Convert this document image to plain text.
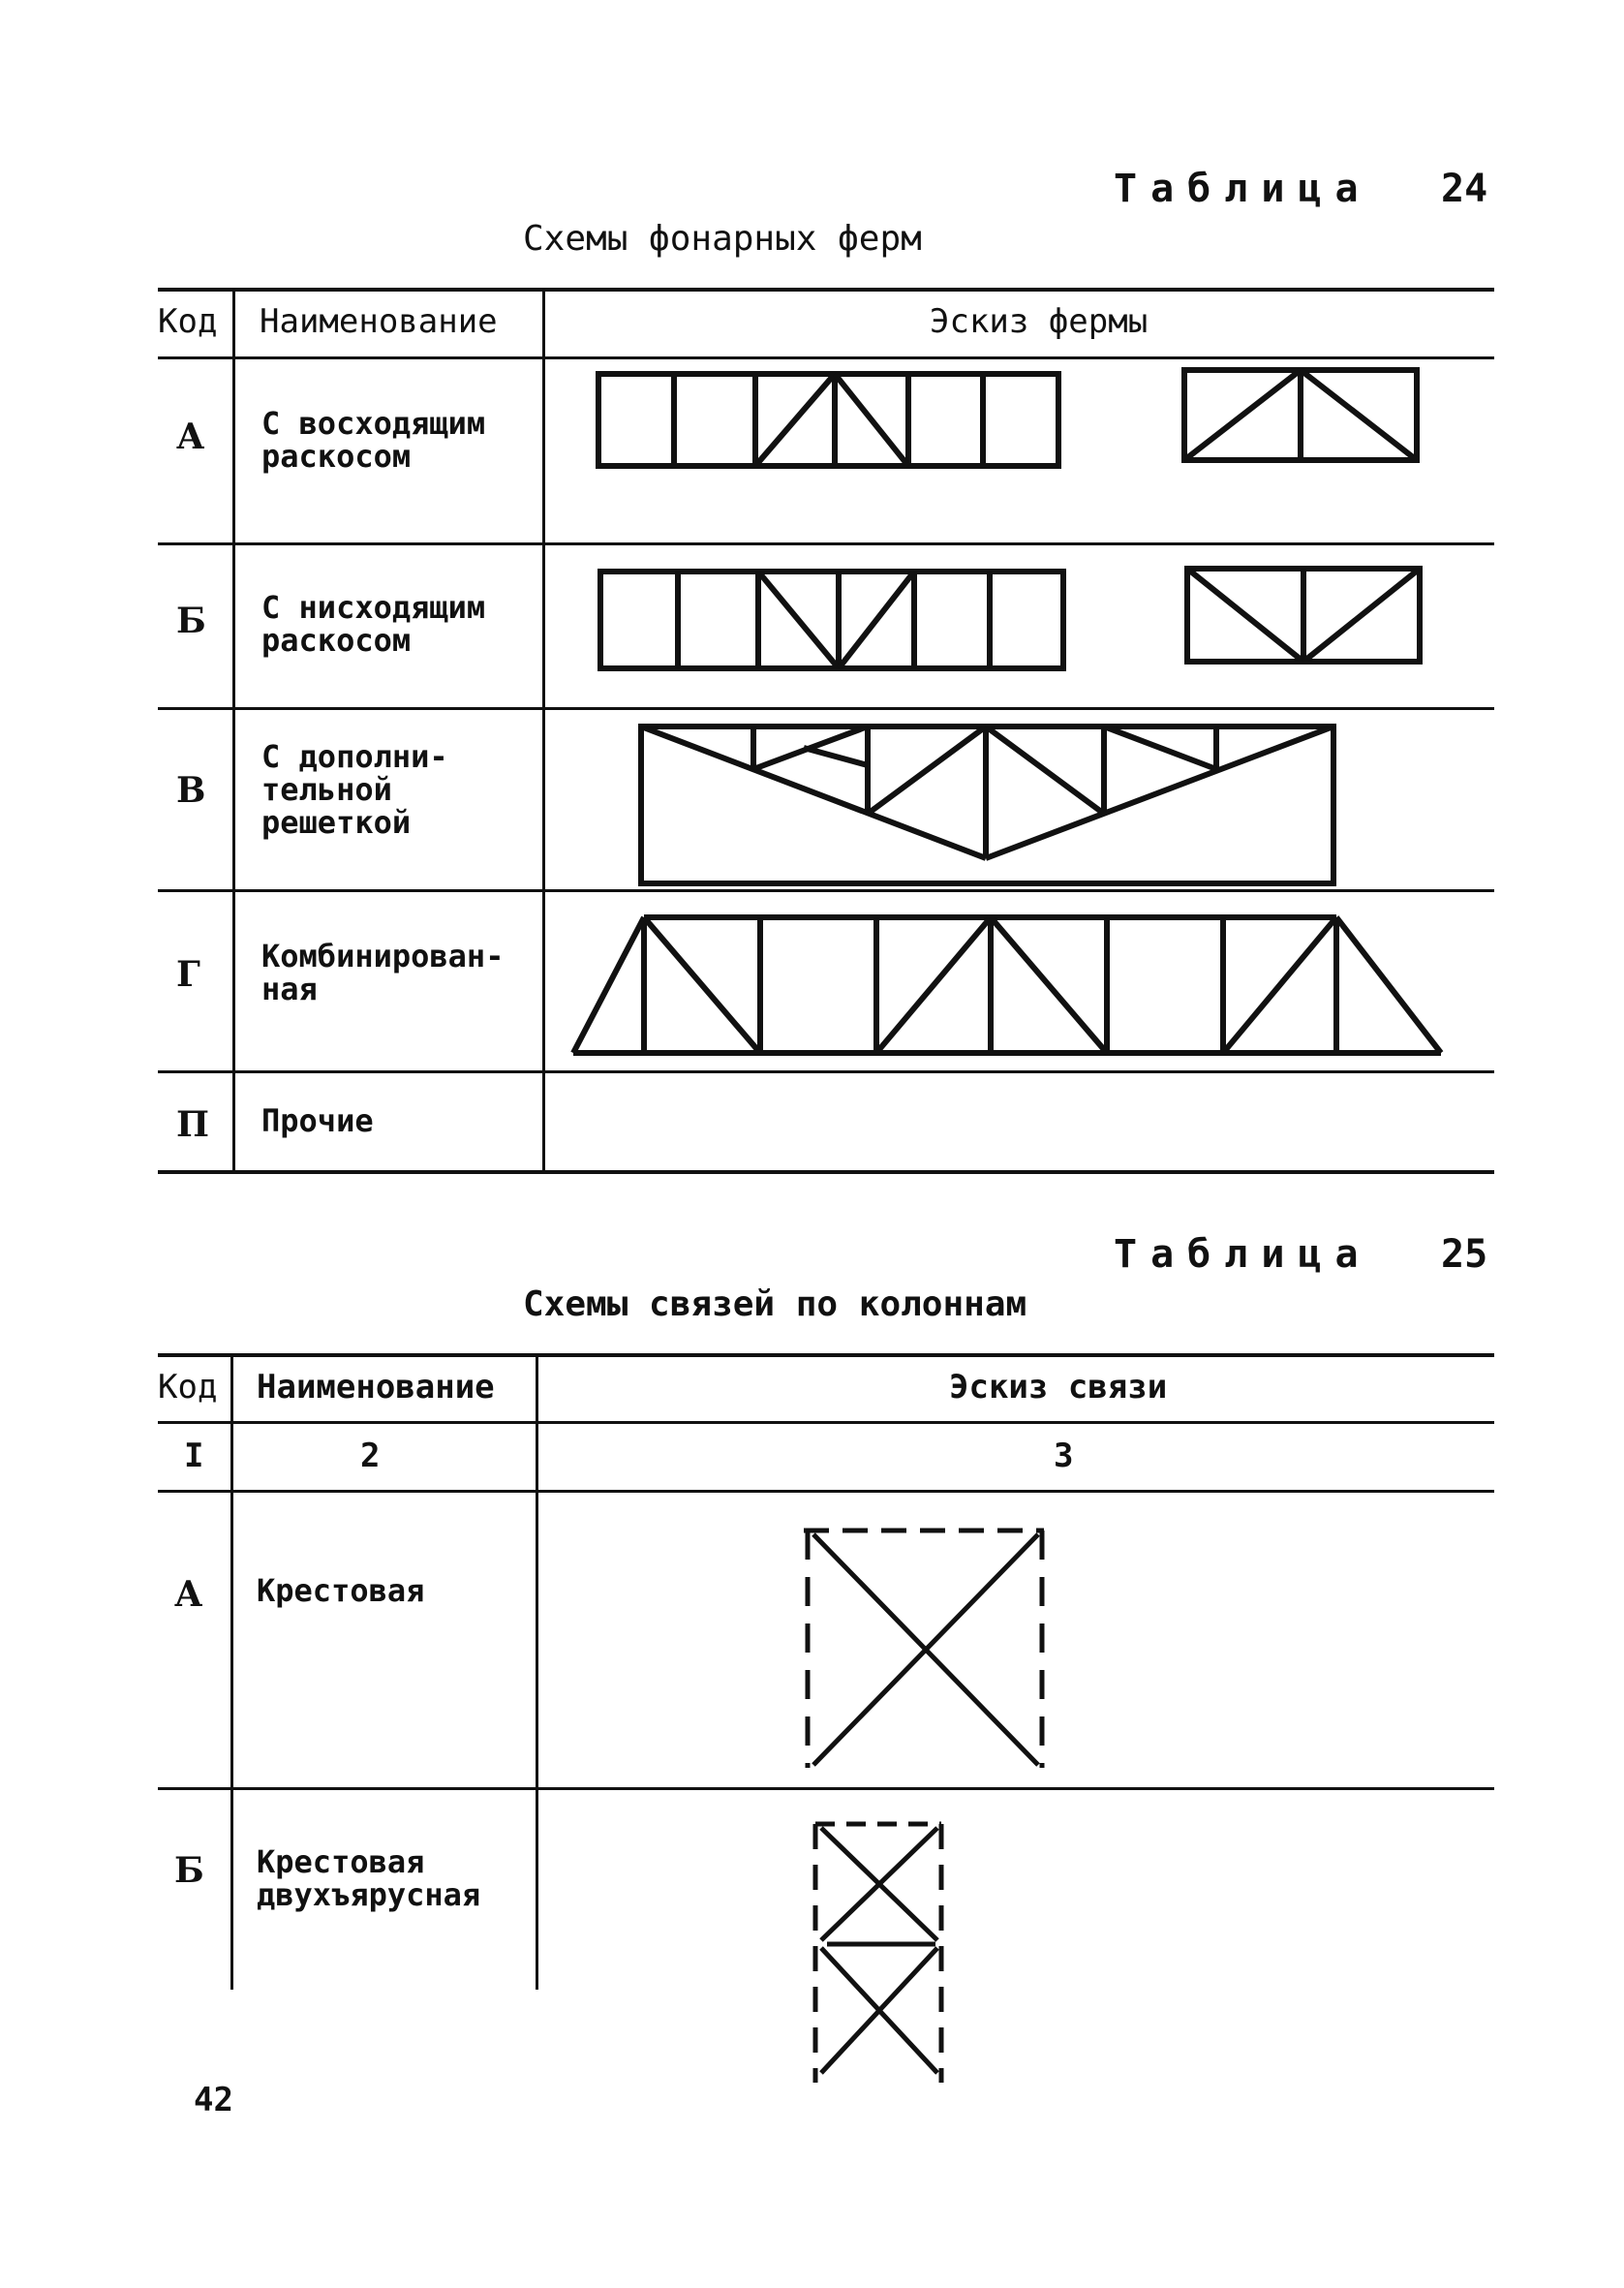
Таблица 24
Схемы фонарных ферм
Код Наименование	Эскиз фермы
А С восходящим
раскосом
Б С нисходящим
раскосом
В
С дополни-
тельной
решеткой
Г Комбинирован-
ная
П Прочие
Таблица 25
Схемы связей по колоннам
Код Наименование	Эскиз связи
I	2	3
А Крестовая
Б Крестовая
двухъярусная
42
